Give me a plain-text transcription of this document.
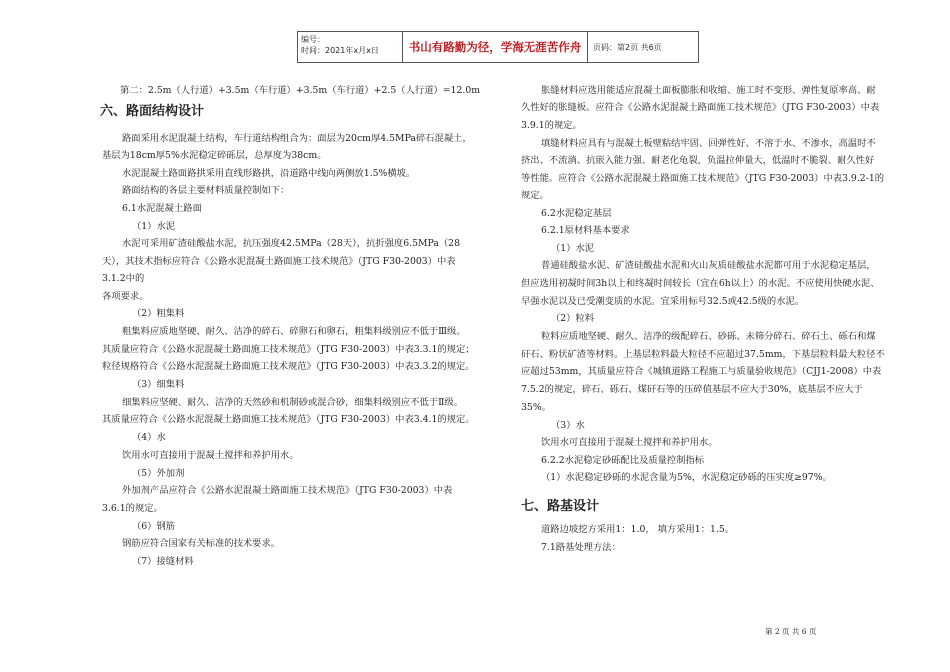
编号：
时间：2021年x月x日	书山有路勤为径，学海无涯苦作舟	页码：第2页 共6页
第二：2.5m（人行道）+3.5m（车行道）+3.5m（车行道）+2.5（人行道）=12.0m
六、路面结构设计
路面采用水泥混凝土结构，车行道结构组合为：面层为20cm厚4.5MPa碎石混凝土，
基层为18cm厚5%水泥稳定碎砾层，总厚度为38cm。
水泥混凝土路面路拱采用直线形路拱，沿道路中线向两侧放1.5%横坡。
路面结构的各层主要材料质量控制如下：
6.1水泥混凝土路面
（1）水泥
水泥可采用矿渣硅酸盐水泥，抗压强度42.5MPa（28天），抗折强度6.5MPa（28
天），其技术指标应符合《公路水泥混凝土路面施工技术规范》（JTG F30-2003）中表
3.1.2中的
各项要求。
（2）粗集料
粗集料应质地坚硬、耐久、洁净的碎石、碎卵石和卵石，粗集料级别应不低于Ⅲ级。
其质量应符合《公路水泥混凝土路面施工技术规范》（JTG F30-2003）中表3.3.1的规定；
粒径规格符合《公路水泥混凝土路面施工技术规范》（JTG F30-2003）中表3.3.2的规定。
（3）细集料
细集料应坚硬、耐久、洁净的天然砂和机制砂或混合砂，细集料级别应不低于Ⅱ级。
其质量应符合《公路水泥混凝土路面施工技术规范》（JTG F30-2003）中表3.4.1的规定。
（4）水
饮用水可直接用于混凝土搅拌和养护用水。
（5）外加剂
外加剂产品应符合《公路水泥混凝土路面施工技术规范》（JTG F30-2003）中表
3.6.1的规定。
（6）钢筋
钢筋应符合国家有关标准的技术要求。
（7）接缝材料
胀缝材料应选用能适应混凝土面板膨胀和收缩、施工时不变形、弹性复原率高、耐
久性好的胀缝板。应符合《公路水泥混凝土路面施工技术规范》（JTG F30-2003）中表
3.9.1的规定。
填缝材料应具有与混凝土板壁粘结牢固、回弹性好、不溶于水、不渗水，高温时不
挤出、不流淌、抗嵌入能力强、耐老化龟裂，负温拉伸量大，低温时不脆裂、耐久性好
等性能。应符合《公路水泥混凝土路面施工技术规范》（JTG F30-2003）中表3.9.2-1的
规定。
6.2水泥稳定基层
6.2.1原材料基本要求
（1）水泥
普通硅酸盐水泥、矿渣硅酸盐水泥和火山灰质硅酸盐水泥都可用于水泥稳定基层，
但应选用初凝时间3h以上和终凝时间较长（宜在6h以上）的水泥。不应使用快硬水泥、
早强水泥以及已受潮变质的水泥。宜采用标号32.5或42.5级的水泥。
（2）粒料
粒料应质地坚硬、耐久、洁净的级配碎石、砂砾、未筛分碎石、碎石土、砾石和煤
矸石、粉状矿渣等材料。上基层粒料最大粒径不应超过37.5mm，下基层粒料最大粒径不
应超过53mm，其质量应符合《城镇道路工程施工与质量验收规范》（CJJ1-2008）中表
7.5.2的规定，碎石、砾石、煤矸石等的压碎值基层不应大于30%，底基层不应大于
35%。
（3）水
饮用水可直接用于混凝土搅拌和养护用水。
6.2.2水泥稳定砂砾配比及质量控制指标
（1）水泥稳定砂砾的水泥含量为5%，水泥稳定砂砾的压实度≥97%。
七、路基设计
道路边坡挖方采用1：1.0， 填方采用1：1.5。
7.1路基处理方法：
第 2 页 共 6 页
